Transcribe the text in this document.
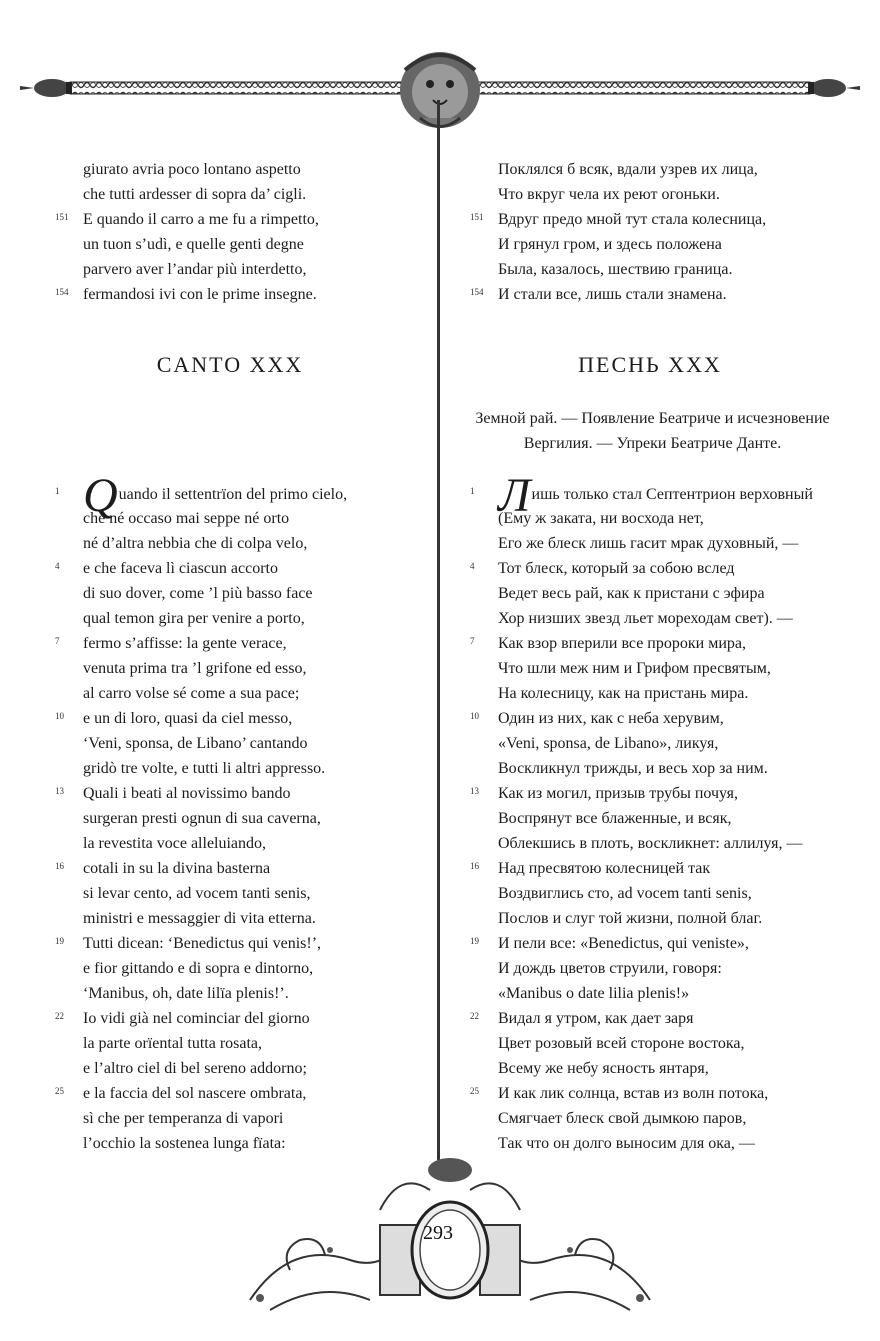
giurato avria poco lontano aspetto
che tutti ardesser di sopra da’ cigli.
151 E quando il carro a me fu a rimpetto,
un tuon s’udì, e quelle genti degne
parvero aver l’andar più interdetto,
154 fermandosi ivi con le prime insegne.
CANTO XXX
1 Quando il settentrïon del primo cielo,
che né occaso mai seppe né orto
né d’altra nebbia che di colpa velo,
4	e che faceva lì ciascun accorto
di suo dover, come ’l più basso face
qual temon gira per venire a porto,
7	fermo s’affisse: la gente verace,
venuta prima tra ’l grifone ed esso,
al carro volse sé come a sua pace;
10	e un di loro, quasi da ciel messo,
‘Veni, sponsa, de Libano’ cantando
gridò tre volte, e tutti li altri appresso.
13	Quali i beati al novissimo bando
surgeran presti ognun di sua caverna,
la revestita voce alleluiando,
16	cotali in su la divina basterna
si levar cento, ad vocem tanti senis,
ministri e messaggier di vita etterna.
19	Tutti dicean: ‘Benedictus qui venis!’,
e fior gittando e di sopra e dintorno,
‘Manibus, oh, date lilïa plenis!’.
22	Io vidi già nel cominciar del giorno
la parte orïental tutta rosata,
e l’altro ciel di bel sereno addorno;
25	e la faccia del sol nascere ombrata,
sì che per temperanza di vapori
l’occhio la sostenea lunga fïata:
Поклялся б всяк, вдали узрев их лица,
Что вкруг чела их реют огоньки.
151 Вдруг предо мной тут стала колесница,
И грянул гром, и здесь положена
Была, казалось, шествию граница.
154 И стали все, лишь стали знамена.
ПЕСНЬ XXX
Земной рай. — Появление Беатриче и исчезновение
Вергилия. — Упреки Беатриче Данте.
1 Лишь только стал Септентрион верховный
(Ему ж заката, ни восхода нет,
Его же блеск лишь гасит мрак духовный, —
4	Тот блеск, который за собою вслед
Ведет весь рай, как к пристани с эфира
Хор низших звезд льет мореходам свет). —
7	Как взор вперили все пророки мира,
Что шли меж ним и Грифом пресвятым,
На колесницу, как на пристань мира.
10	Один из них, как с неба херувим,
«Veni, sponsa, de Libano», ликуя,
Воскликнул трижды, и весь хор за ним.
13	Как из могил, призыв трубы почуя,
Воспрянут все блаженные, и всяк,
Облекшись в плоть, воскликнет: аллилуя, —
16	Над пресвятою колесницей так
Воздвиглись сто, ad vocem tanti senis,
Послов и слуг той жизни, полной благ.
19	И пели все: «Benedictus, qui veniste»,
И дождь цветов струили, говоря:
«Manibus o date lilia plenis!»
22	Видал я утром, как дает заря
Цвет розовый всей стороне востока,
Всему же небу ясность янтаря,
25	И как лик солнца, встав из волн потока,
Смягчает блеск свой дымкою паров,
Так что он долго выносим для ока, —
293
